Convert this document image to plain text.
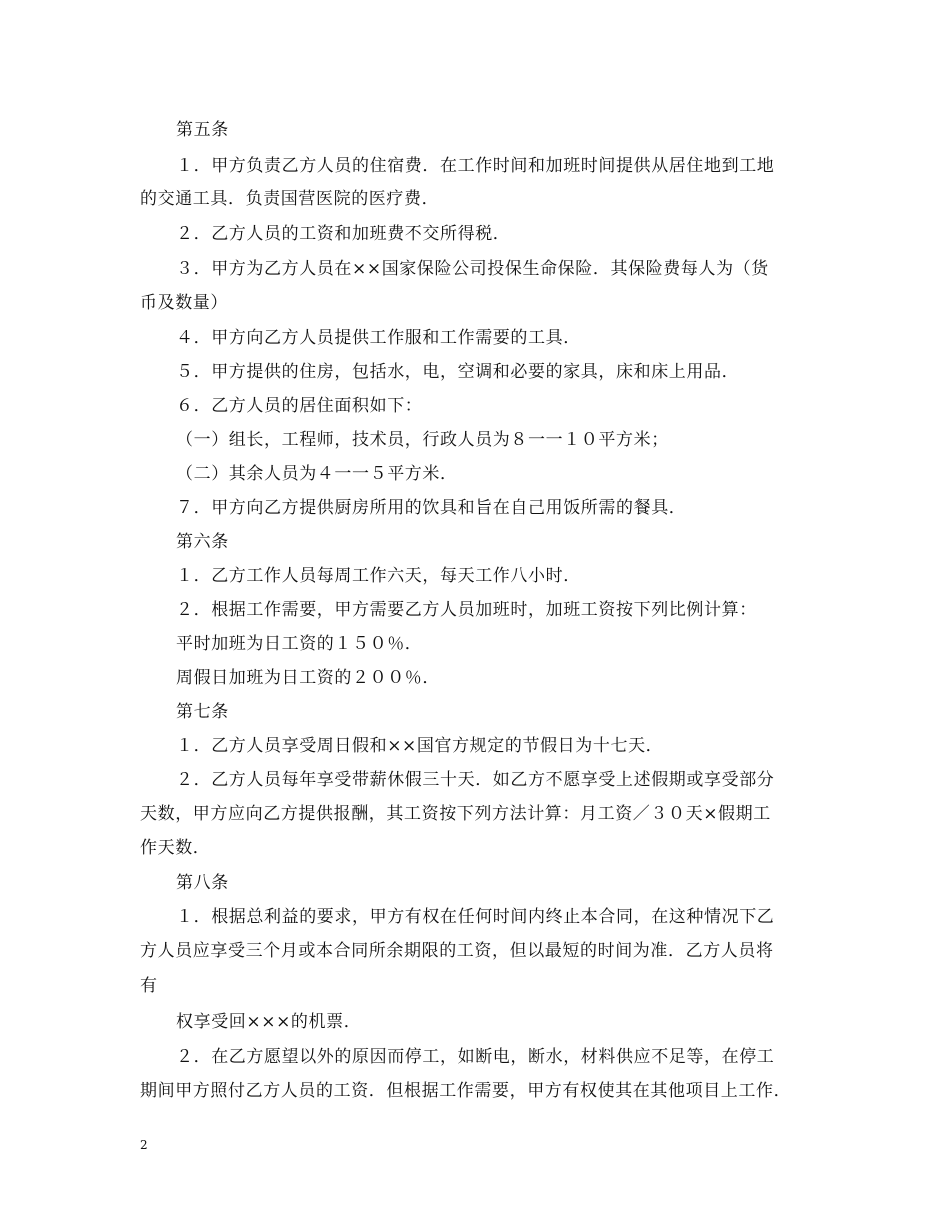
第五条
１．甲方负责乙方人员的住宿费．在工作时间和加班时间提供从居住地到工地
的交通工具．负责国营医院的医疗费．
２．乙方人员的工资和加班费不交所得税．
３．甲方为乙方人员在××国家保险公司投保生命保险．其保险费每人为（货
币及数量）
４．甲方向乙方人员提供工作服和工作需要的工具．
５．甲方提供的住房，包括水，电，空调和必要的家具，床和床上用品．
６．乙方人员的居住面积如下：
（一）组长，工程师，技术员，行政人员为８一一１０平方米；
（二）其余人员为４一一５平方米．
７．甲方向乙方提供厨房所用的饮具和旨在自己用饭所需的餐具．
第六条
１．乙方工作人员每周工作六天，每天工作八小时．
２．根据工作需要，甲方需要乙方人员加班时，加班工资按下列比例计算：
平时加班为日工资的１５０％．
周假日加班为日工资的２００％．
第七条
１．乙方人员享受周日假和××国官方规定的节假日为十七天．
２．乙方人员每年享受带薪休假三十天．如乙方不愿享受上述假期或享受部分
天数，甲方应向乙方提供报酬，其工资按下列方法计算：月工资／３０天×假期工
作天数．
第八条
１．根据总利益的要求，甲方有权在任何时间内终止本合同，在这种情况下乙
方人员应享受三个月或本合同所余期限的工资，但以最短的时间为准．乙方人员将
有
权享受回×××的机票．
２．在乙方愿望以外的原因而停工，如断电，断水，材料供应不足等，在停工
期间甲方照付乙方人员的工资．但根据工作需要，甲方有权使其在其他项目上工作．
2
